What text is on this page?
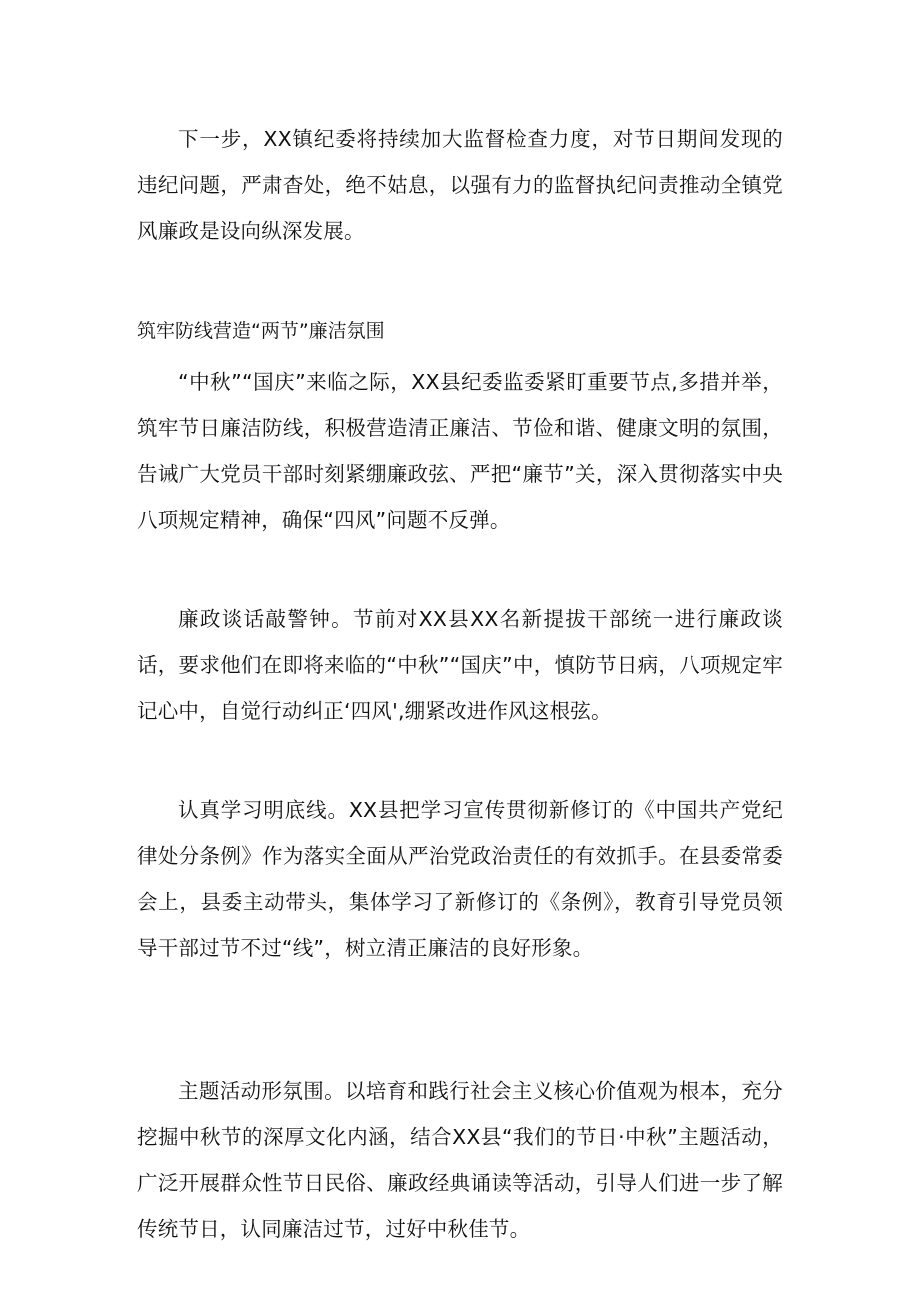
下一步，XX镇纪委将持续加大监督检查力度，对节日期间发现的违纪问题，严肃杳处，绝不姑息，以强有力的监督执纪问责推动全镇党风廉政是设向纵深发展。

筑牢防线营造“两节”廉洁氛围

“中秋”“国庆”来临之际，XX县纪委监委紧盯重要节点,多措并举，筑牢节日廉洁防线，积极营造清正廉洁、节俭和谐、健康文明的氛围，告诫广大党员干部时刻紧绷廉政弦、严把“廉节”关，深入贯彻落实中央八项规定精神，确保“四风”问题不反弹。

廉政谈话敲警钟。节前对XX县XX名新提拔干部统一进行廉政谈话，要求他们在即将来临的“中秋”“国庆”中，慎防节日病，八项规定牢记心中，自觉行动纠正‘四风',绷紧改进作风这根弦。

认真学习明底线。XX县把学习宣传贯彻新修订的《中国共产党纪律处分条例》作为落实全面从严治党政治责任的有效抓手。在县委常委会上，县委主动带头，集体学习了新修订的《条例》，教育引导党员领导干部过节不过“线”，树立清正廉洁的良好形象。

主题活动形氛围。以培育和践行社会主义核心价值观为根本，充分挖掘中秋节的深厚文化内涵，结合XX县“我们的节日·中秋”主题活动，广泛开展群众性节日民俗、廉政经典诵读等活动，引导人们进一步了解传统节日，认同廉洁过节，过好中秋佳节。
